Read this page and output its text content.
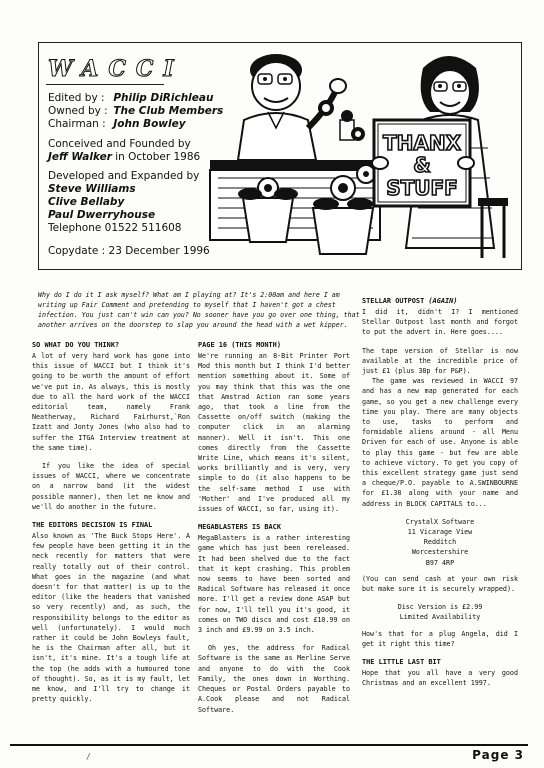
WACCI
Edited by : Philip DiRichleau
Owned by : The Club Members
Chairman : John Bowley
Conceived and Founded by
Jeff Walker in October 1986
Developed and Expanded by
Steve Williams
Clive Bellaby
Paul Dwerryhouse
Telephone 01522 511608
Copydate : 23 December 1996
THANX
&
STUFF
Why do I do it I ask myself? What am I playing at? It's 2:00am and here I am writing up Fair Comment and pretending to myself that I haven't got a chest infection. You just can't win can you? No sooner have you go over one thing, that another arrives on the doorstep to slap you around the head with a wet kipper.
SO WHAT DO YOU THINK?

A lot of very hard work has gone into this issue of WACCI but I think it's going to be worth the amount of effort we've put in. As always, this is mostly due to all the hard work of the WACCI editorial team, namely Frank Neatherway, Richard Fairhurst,`Ron Izatt and Jonty Jones (who also had to suffer the ITGA Interview treatment at the same time).

If you like the idea of special issues of WACCI, where we concentrate on a narrow band (it the widest possible manner), then let me know and we'll do another in the future.

THE EDITORS DECISION IS FINAL

Also known as 'The Buck Stops Here'. A few people have been getting it in the neck recently for matters that were really totally out of their control. What goes in the magazine (and what doesn't for that matter) is up to the editor (like the headers that vanished so very recently) and, as such, the responsibility belongs to the editor as well (unfortunately). I would much rather it could be John Bowleys fault, he is the Chairman after all, but it isn't, it's mine. It's a tough life at the top (he adds with a humoured tone of thought). So, as it is my fault, let me know, and I'll try to change it pretty quickly.

PAGE 16 (THIS MONTH)

We're running an 8-Bit Printer Port Mod this month but I think I'd better mention something about it. Some of you may think that this was the one that Amstrad Action ran some years ago, that took a line from the Cassette on/off switch (making the computer click in an alarming manner). Well it isn't. This one comes directly from the Cassette Write Line, which means it's silent, works brilliantly and is very, very simple to do (it also happens to be the self-same method I use with 'Mother' and I've produced all my issues of WACCI, so far, using it).

MEGABLASTERS IS BACK

MegaBlasters is a rather interesting game which has just been rereleased. It had been shelved due to the fact that it kept crashing. This problem now seems to have been sorted and Radical Software has released it once more. I'll get a review done ASAP but for now, I'll tell you it's good, it comes on TWO discs and cost £10.99 on 3 inch and £9.99 on 3.5 inch.

Oh yes, the address for Radical Software is the same as Merline Serve and anyone to do with the Cook Family, the ones down in Worthing. Cheques or Postal Orders payable to A.Cook please and not Radical Software.

STELLAR OUTPOST (AGAIN)

I did it, didn't I? I mentioned Stellar Outpost last month and forgot to put the advert in. Here goes....

The tape version of Stellar is now available at the incredible price of just £1 (plus 38p for P&P).

The game was reviewed in WACCI 97 and has a new map generated for each game, so you get a new challenge every time you play. There are many objects to use, tasks to perform and formidable aliens around - all Menu Driven for each of use. Anyone is able to play this game - but few are able to achieve victory. To get you copy of this excellent strategy game just send a cheque/P.O. payable to A.SWINBOURNE for £1.38 along with your name and address in BLOCK CAPITALS to...

CrystalX Software
11 Vicarage View
Redditch
Worcestershire
B97 4RP

(You can send cash at your own risk but make sure it is securely wrapped).

Disc Version is £2.99
Limited Availability

How's that for a plug Angela, did I get it right this time?

THE LITTLE LAST BIT

Hope that you all have a very good Christmas and an excellent 1997.

∕	Page 3
